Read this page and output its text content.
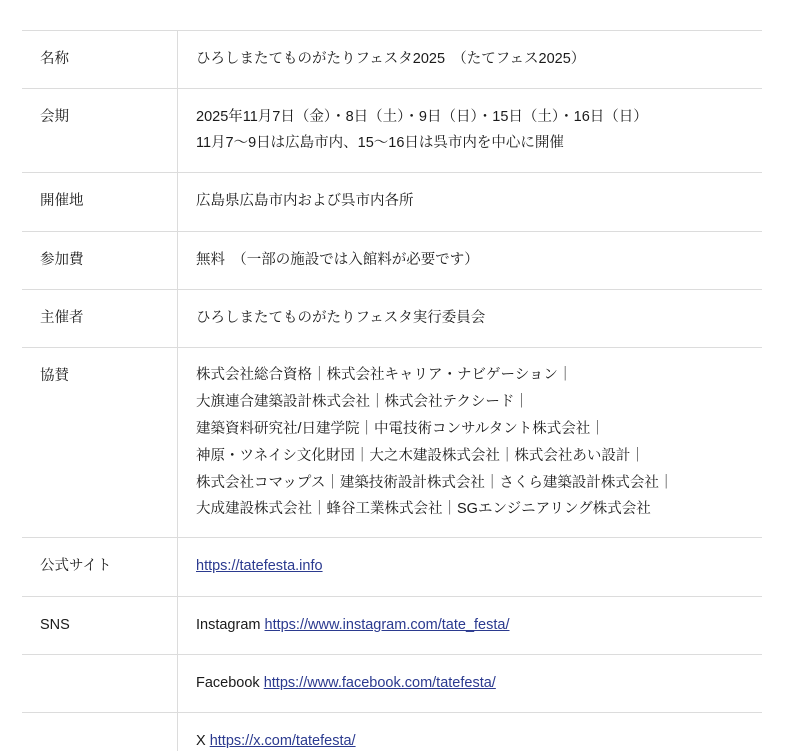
名称	ひろしまたてものがたりフェスタ2025　（たてフェス2025）

会期	2025年11月7日（金）・8日（土）・9日（日）・15日（土）・16日（日）
11月7〜9日は広島市内、15〜16日は呉市内を中心に開催

開催地	広島県広島市内および呉市内各所

参加費	無料　（一部の施設では入館料が必要です）

主催者	ひろしまたてものがたりフェスタ実行委員会

協賛	株式会社総合資格｜株式会社キャリア・ナビゲーション｜
大旗連合建築設計株式会社｜株式会社テクシード｜
建築資料研究社/日建学院｜中電技術コンサルタント株式会社｜
神原・ツネイシ文化財団｜大之木建設株式会社｜株式会社あい設計｜
株式会社コマップス｜建築技術設計株式会社｜さくら建築設計株式会社｜
大成建設株式会社｜蜂谷工業株式会社｜SGエンジニアリング株式会社

公式サイト	https://tatefesta.info
SNS	Instagram https://www.instagram.com/tate_festa/
	Facebook https://www.facebook.com/tatefesta/
	X https://x.com/tatefesta/
